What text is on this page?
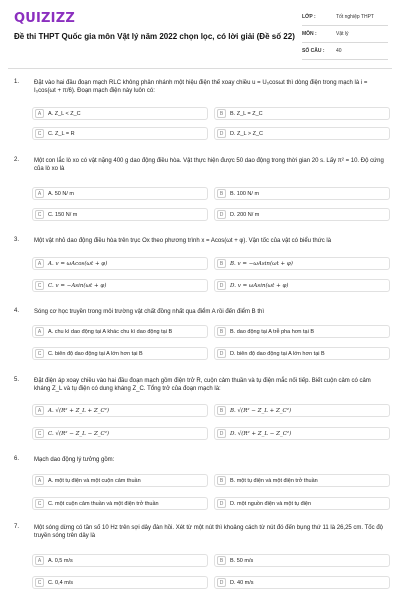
QUIZIZZ
Đề thi THPT Quốc gia môn Vật lý năm 2022 chọn lọc, có lời giải (Đề số 22)
LỚP :	Tốt nghiệp THPT
MÔN :	Vật lý
SỐ CÂU :	40
1. Đặt vào hai đầu đoạn mạch RLC không phân nhánh một hiệu điện thế xoay chiều u = U₀cosωt thì dòng điện trong mạch là i = I₀cos(ωt + π/6). Đoạn mạch điện này luôn có:
A	A. Z_L < Z_C	B	B. Z_L = Z_C
C	C. Z_L = R	D	D. Z_L > Z_C
2. Một con lắc lò xo có vật nặng 400 g dao động điều hòa. Vật thực hiện được 50 dao động trong thời gian 20 s. Lấy π² = 10. Độ cứng của lò xo là
A	A. 50 N/ m	B	B. 100 N/ m
C	C. 150 N/ m	D	D. 200 N/ m
3. Một vật nhỏ dao động điều hòa trên trục Ox theo phương trình x = Acos(ωt + φ). Vận tốc của vật có biểu thức là
A	A. v = ωAcos(ωt + φ)	B	B. v = −ωAsin(ωt + φ)
C	C. v = −Asin(ωt + φ)	D	D. v = ωAsin(ωt + φ)
4. Sóng cơ học truyền trong môi trường vật chất đồng nhất qua điểm A rồi đến điểm B thì
A	A. chu kì dao động tại A khác chu kì dao động tại B	B	B. dao động tại A trễ pha hơn tại B
C	C. biên độ dao động tại A lớn hơn tại B	D	D. biên độ dao động tại A lớn hơn tại B
5. Đặt điện áp xoay chiều vào hai đầu đoạn mạch gồm điện trở R, cuộn cảm thuần và tụ điện mắc nối tiếp. Biết cuộn cảm có cảm kháng Z_L và tụ điện có dung kháng Z_C. Tổng trở của đoạn mạch là:
A	A. √(R² + Z_L + Z_C²)	B	B. √(R² − Z_L + Z_C²)
C	C. √(R² − Z_L − Z_C²)	D	D. √(R² + Z_L − Z_C²)
6. Mạch dao động lý tưởng gồm:
A	A. một tụ điện và một cuộn cảm thuần	B	B. một tụ điện và một điện trở thuần
C	C. một cuộn cảm thuần và một điện trở thuần	D	D. một nguồn điện và một tụ điện
7. Một sóng dừng có tần số 10 Hz trên sợi dây đàn hồi. Xét từ một nút thì khoảng cách từ nút đó đến bụng thứ 11 là 26,25 cm. Tốc độ truyền sóng trên dây là
A	A. 0,5 m/s	B	B. 50 m/s
C	C. 0,4 m/s	D	D. 40 m/s
